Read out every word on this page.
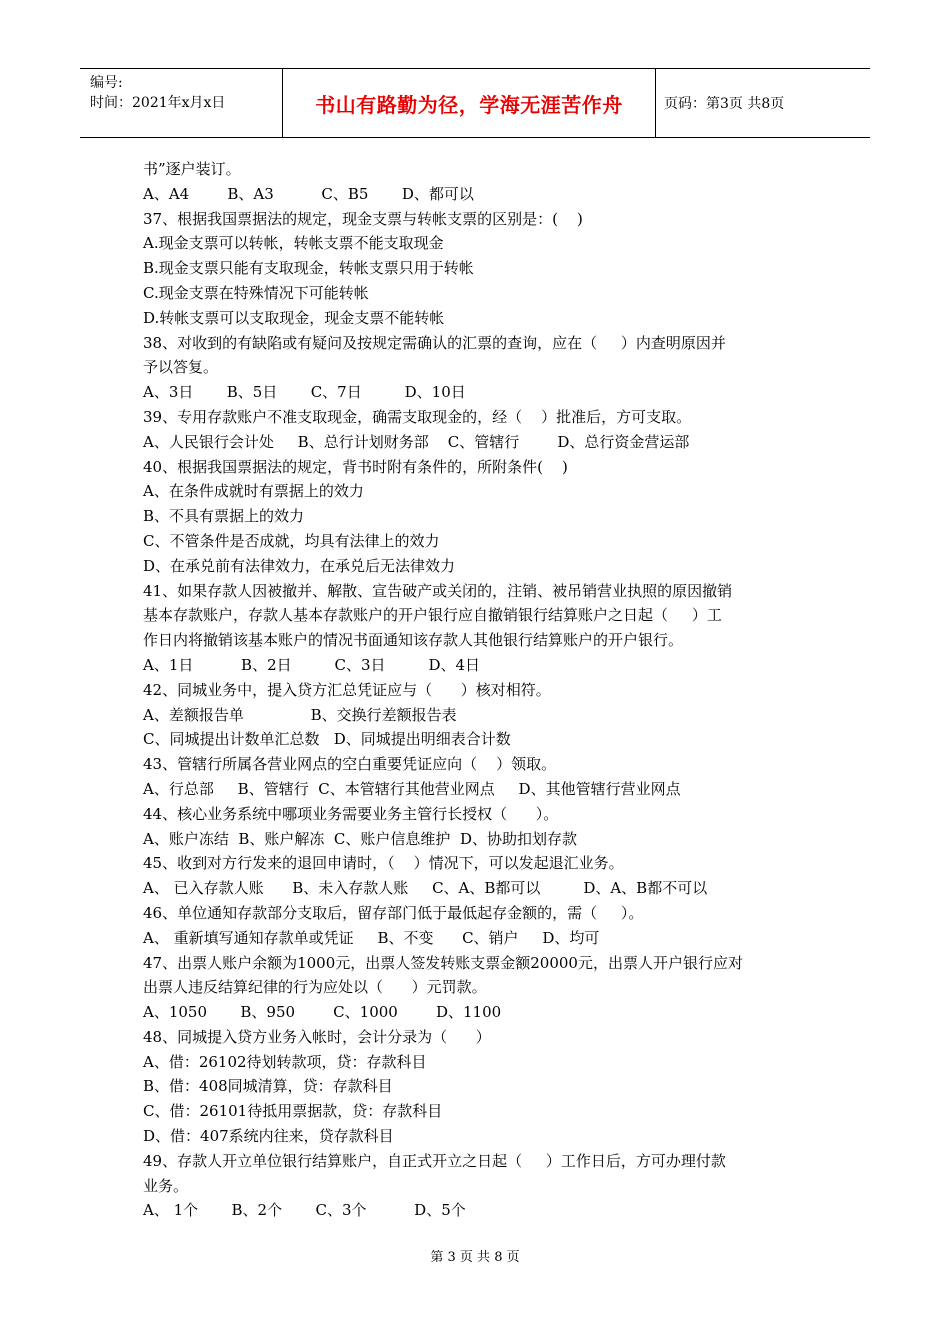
编号:
时间：2021年x月x日	书山有路勤为径，学海无涯苦作舟	页码：第3页 共8页
书”逐户装订。
A、A4        B、A3          C、B5       D、都可以
37、根据我国票据法的规定，现金支票与转帐支票的区别是：(    )
A.现金支票可以转帐，转帐支票不能支取现金
B.现金支票只能有支取现金，转帐支票只用于转帐
C.现金支票在特殊情况下可能转帐
D.转帐支票可以支取现金，现金支票不能转帐
38、对收到的有缺陷或有疑问及按规定需确认的汇票的查询，应在（     ）内查明原因并
予以答复。
A、3日       B、5日       C、7日         D、10日
39、专用存款账户不准支取现金，确需支取现金的，经（    ）批准后，方可支取。
A、人民银行会计处     B、总行计划财务部    C、管辖行        D、总行资金营运部
40、根据我国票据法的规定，背书时附有条件的，所附条件(    )
A、在条件成就时有票据上的效力
B、不具有票据上的效力
C、不管条件是否成就，均具有法律上的效力
D、在承兑前有法律效力，在承兑后无法律效力
41、如果存款人因被撤并、解散、宣告破产或关闭的，注销、被吊销营业执照的原因撤销
基本存款账户，存款人基本存款账户的开户银行应自撤销银行结算账户之日起（     ）工
作日内将撤销该基本账户的情况书面通知该存款人其他银行结算账户的开户银行。
A、1日          B、2日         C、3日         D、4日
42、同城业务中，提入贷方汇总凭证应与（      ）核对相符。
A、差额报告单              B、交换行差额报告表
C、同城提出计数单汇总数   D、同城提出明细表合计数
43、管辖行所属各营业网点的空白重要凭证应向（    ）领取。
A、行总部     B、管辖行  C、本管辖行其他营业网点     D、其他管辖行营业网点
44、核心业务系统中哪项业务需要业务主管行长授权（      ）。
A、账户冻结  B、账户解冻  C、账户信息维护  D、协助扣划存款
45、收到对方行发来的退回申请时，（    ）情况下，可以发起退汇业务。
A、 已入存款人账      B、未入存款人账     C、A、B都可以         D、A、B都不可以
46、单位通知存款部分支取后，留存部门低于最低起存金额的，需（     ）。
A、 重新填写通知存款单或凭证     B、不变      C、销户     D、均可
47、出票人账户余额为1000元，出票人签发转账支票金额20000元，出票人开户银行应对
出票人违反结算纪律的行为应处以（      ）元罚款。
A、1050       B、950        C、1000        D、1100
48、同城提入贷方业务入帐时，会计分录为（      ）
A、借：26102待划转款项，贷：存款科目
B、借：408同城清算，贷：存款科目
C、借：26101待抵用票据款，贷：存款科目
D、借：407系统内往来，贷存款科目
49、存款人开立单位银行结算账户，自正式开立之日起（     ）工作日后，方可办理付款
业务。
A、 1个       B、2个       C、3个          D、5个
第 3 页 共 8 页
